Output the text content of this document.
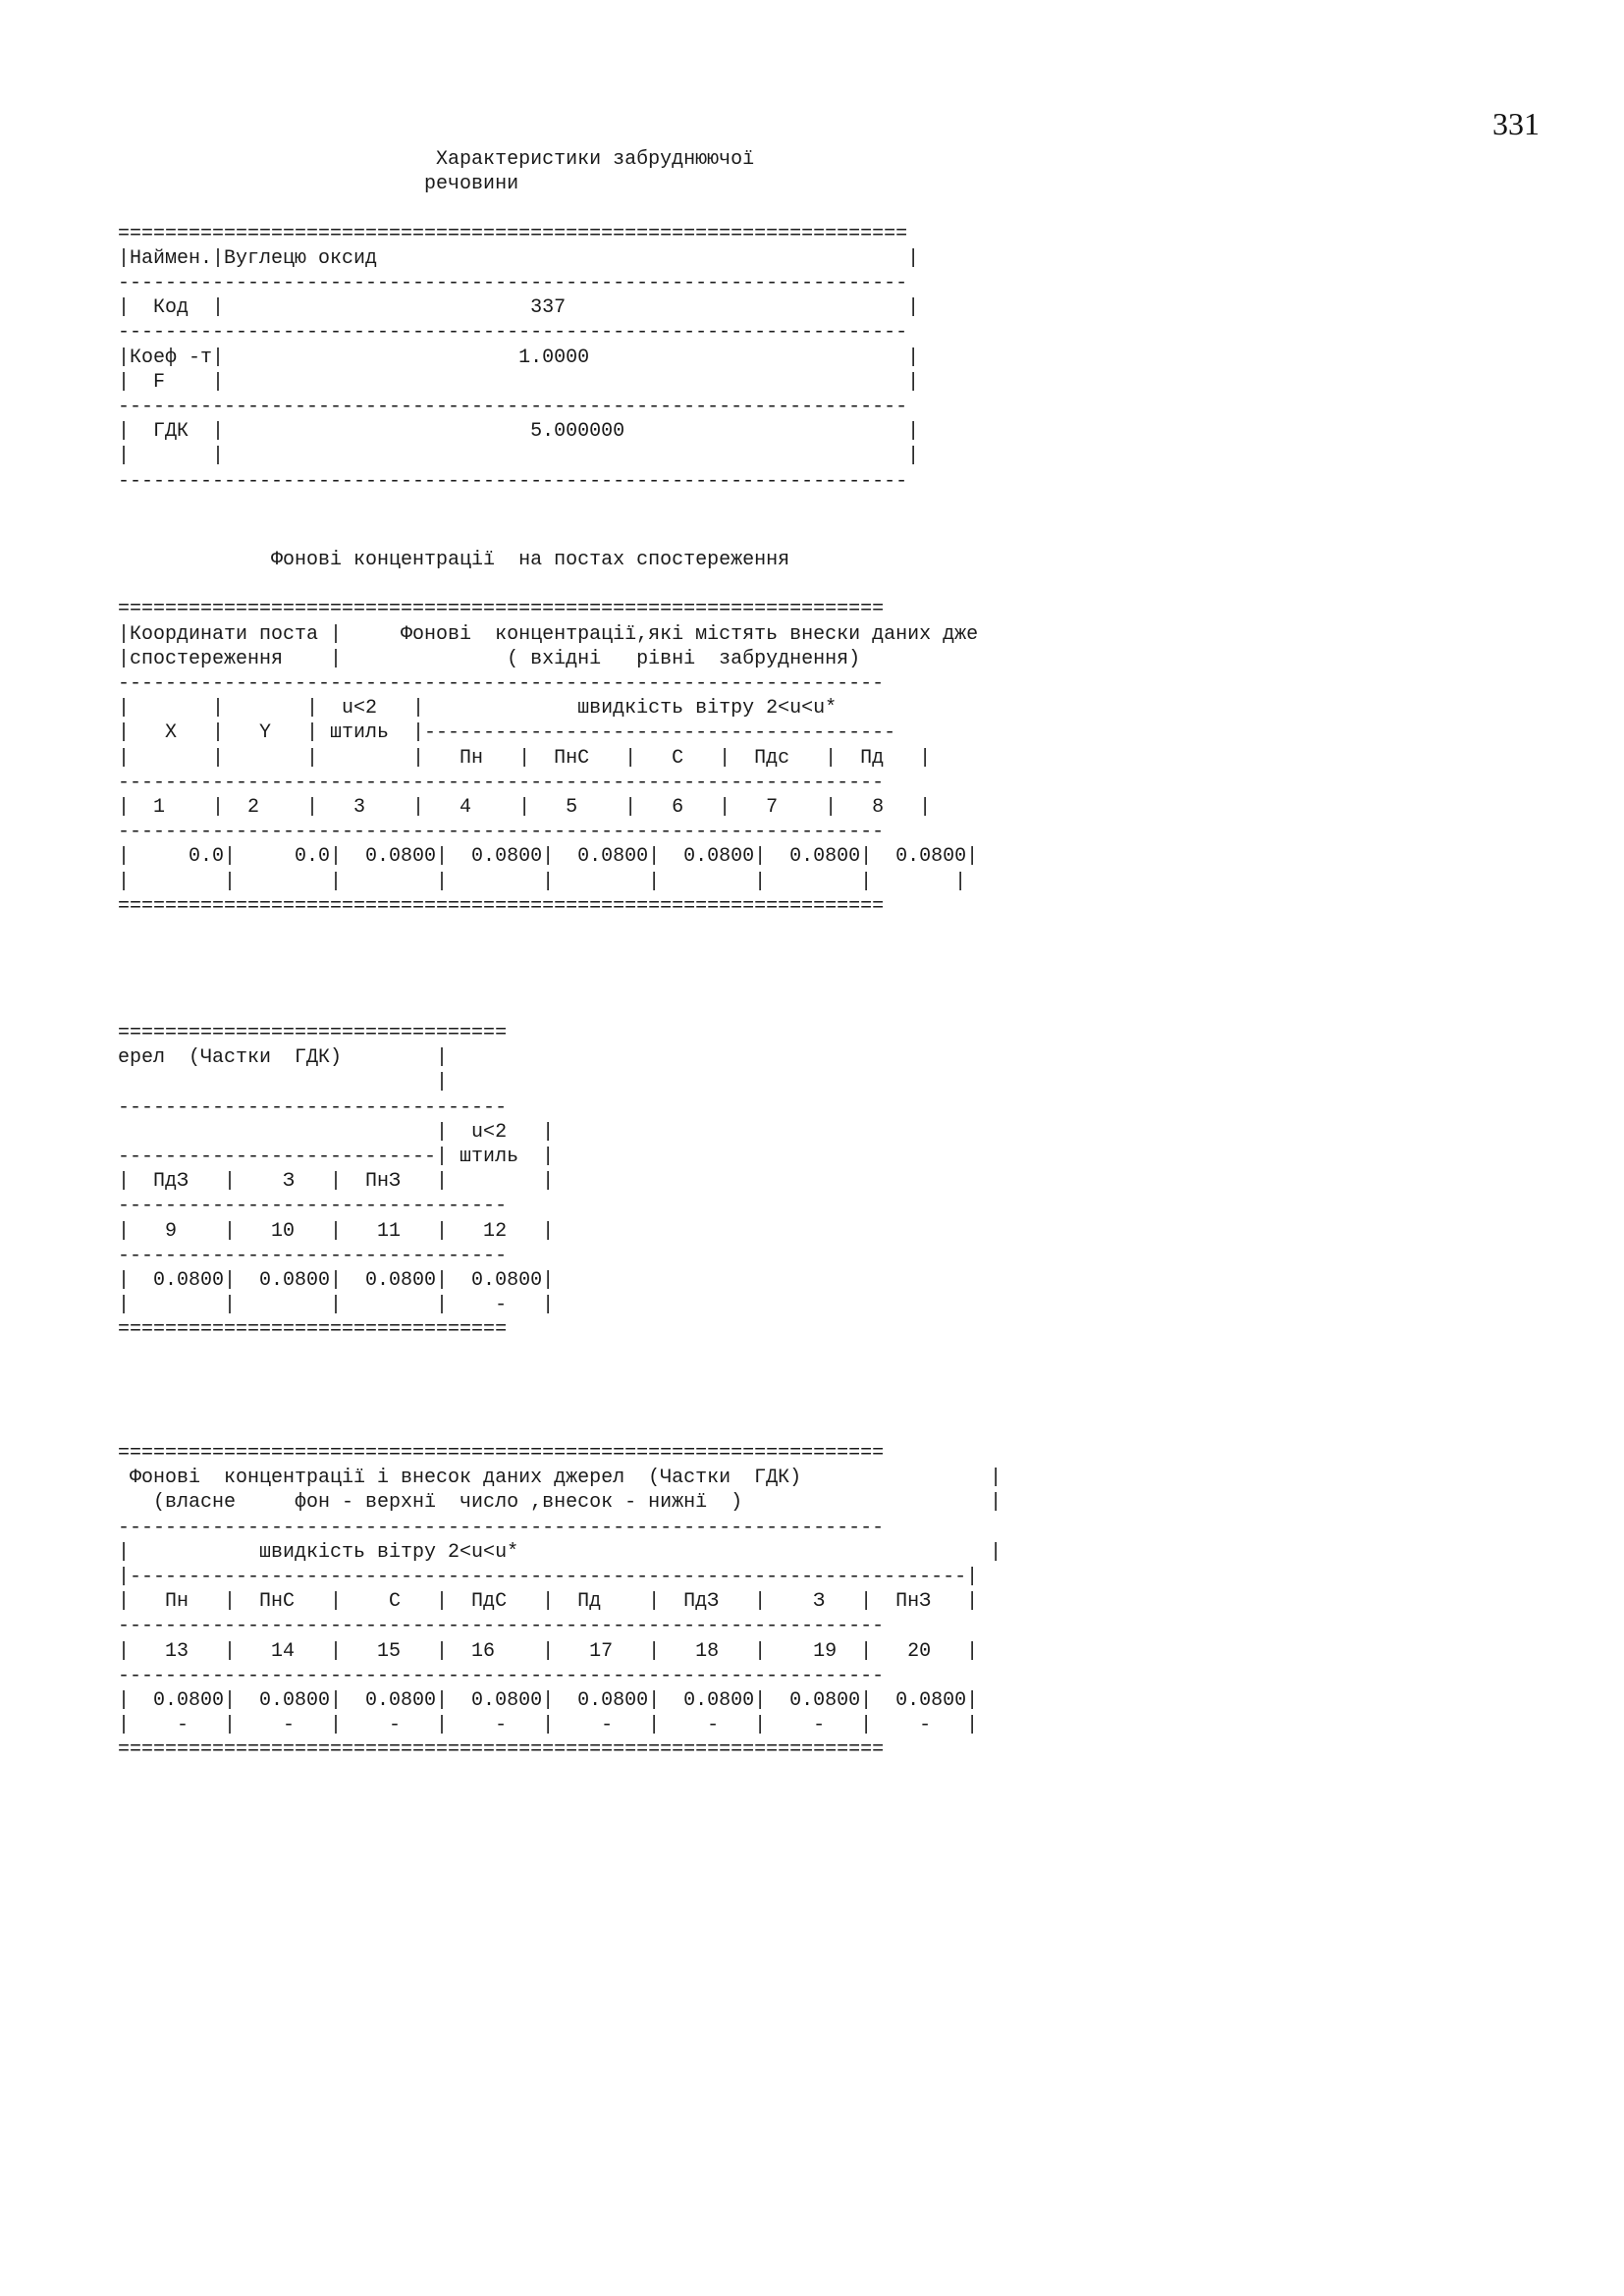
331
Характеристики забруднюючої
речовини

===================================================================
|Наймен.|Вуглецю оксид                                             |
-------------------------------------------------------------------
|  Код  |                          337                             |
-------------------------------------------------------------------
|Коеф -т|                         1.0000                           |
|  F    |                                                          |
-------------------------------------------------------------------
|  ГДК  |                          5.000000                        |
|       |                                                          |
-------------------------------------------------------------------
Фонові концентрації  на постах спостереження

=================================================================
|Координати поста |     Фонові  концентрації,які містять внески даних дже
|спостереження    |              ( вхідні   рівні  забруднення)
-----------------------------------------------------------------
|       |       |  u<2   |             швидкість вітру 2<u<u*
|   X   |   Y   | штиль  |----------------------------------------
|       |       |        |   Пн   |  ПнС   |   С   |  Пдс   |  Пд   |
-----------------------------------------------------------------
|  1    |  2    |   3    |   4    |   5    |   6   |   7    |   8   |
-----------------------------------------------------------------
|     0.0|     0.0|  0.0800|  0.0800|  0.0800|  0.0800|  0.0800|  0.0800|
|        |        |        |        |        |        |        |       |
=================================================================
=================================
ерел  (Частки  ГДК)        |
|
---------------------------------
|  u<2   |
---------------------------| штиль  |
|  ПдЗ   |    З   |  ПнЗ   |        |
---------------------------------
|   9    |   10   |   11   |   12   |
---------------------------------
|  0.0800|  0.0800|  0.0800|  0.0800|
|        |        |        |    -   |
=================================
=================================================================
Фонові  концентрації і внесок даних джерел  (Частки  ГДК)                |
(власне     фон - верхнї  число ,внесок - нижнї  )                     |
-----------------------------------------------------------------
|           швидкість вітру 2<u<u*                                        |
|-----------------------------------------------------------------------|
|   Пн   |  ПнС   |    С   |  ПдС   |  Пд    |  ПдЗ   |    З   |  ПнЗ   |
-----------------------------------------------------------------
|   13   |   14   |   15   |  16    |   17   |   18   |    19  |   20   |
-----------------------------------------------------------------
|  0.0800|  0.0800|  0.0800|  0.0800|  0.0800|  0.0800|  0.0800|  0.0800|
|    -   |    -   |    -   |    -   |    -   |    -   |    -   |    -   |
=================================================================
